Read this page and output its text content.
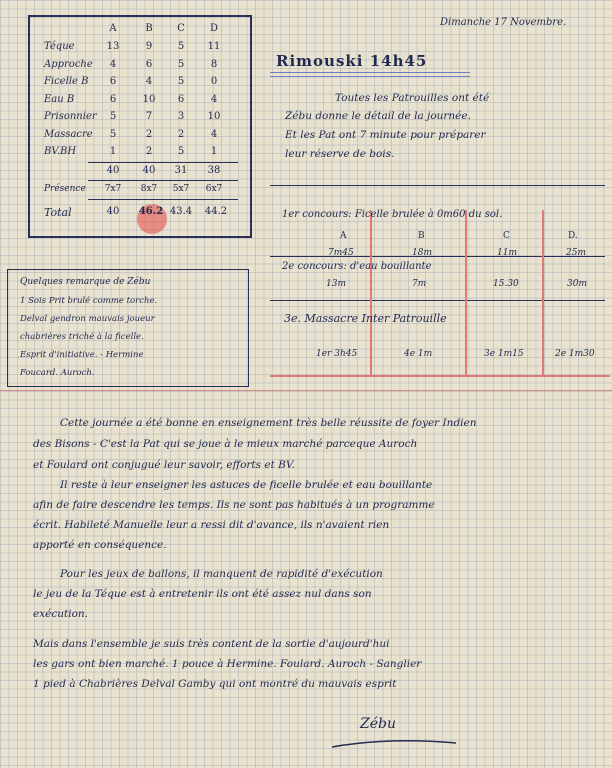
Dimanche 17 Novembre.
A	B	C	D
Téque	13	9	5	11
Approche	4	6	5	8
Ficelle B	6	4	5	0
Eau B	6	10	6	4
Prisonnier	5	7	3	10
Massacre	5	2	2	4
BV.BH	1	2	5	1
40	40	31	38
Présence	7x7	8x7	5x7	6x7
Total	40	46.2 43.4 44.2
Quelques remarque de Zébu
1 Sois Prit brulé comme torche.
Delval gendron mauvais joueur
chabrières triché à la ficelle.
Esprit d'initiative. - Hermine
Foucard. Auroch.
Rimouski 14h45
Toutes les Patrouilles ont été
Zébu donne le détail de la journée.
Et les Pat ont 7 minute pour préparer
leur réserve de bois.
1er concours: Ficelle brulée à 0m60 du sol.
A	B	C	D.
7m45	18m	11m	25m
2e concours: d'eau bouillante
13m	7m	15.30	30m
3e. Massacre Inter Patrouille
1er 3h45	4e 1m	3e 1m15	2e 1m30
Cette journée a été bonne en enseignement très belle réussite de foyer Indien
des Bisons - C'est la Pat qui se joue à le mieux marché parceque Auroch
et Foulard ont conjugué leur savoir, efforts et BV.
Il reste à leur enseigner les astuces de ficelle brulée et eau bouillante
afin de faire descendre les temps. Ils ne sont pas habitués à un programme
écrit. Habileté Manuelle leur a ressi dit d'avance, ils n'avaient rien
apporté en conséquence.
Pour les jeux de ballons, il manquent de rapidité d'exécution
le jeu de la Téque est à entretenir ils ont été assez nul dans son
exécution.
Mais dans l'ensemble je suis très content de la sortie d'aujourd'hui
les gars ont bien marché. 1 pouce à Hermine. Foulard. Auroch - Sanglier
1 pied à Chabrières Delval Gamby qui ont montré du mauvais esprit
Zébu
